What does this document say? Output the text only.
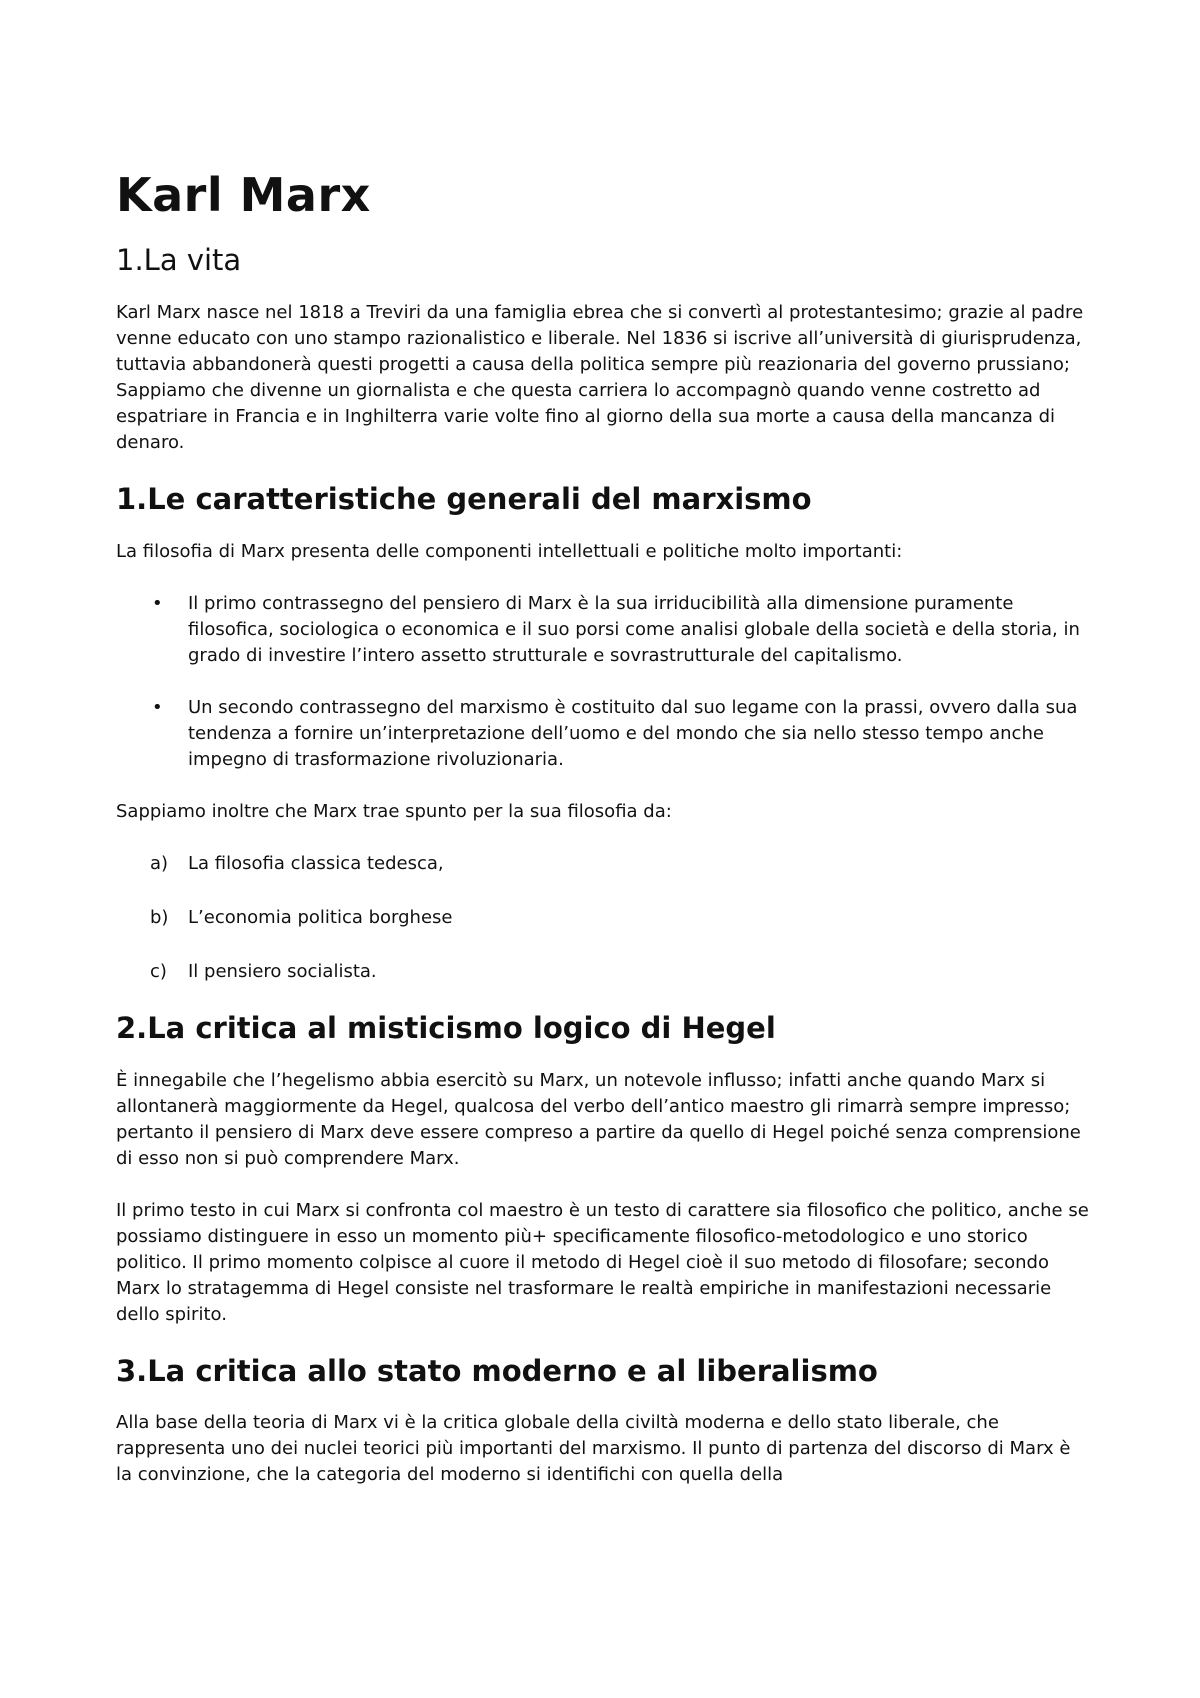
Karl Marx
1.La vita

Karl Marx nasce nel 1818 a Treviri da una famiglia ebrea che si convertì al protestantesimo; grazie al padre venne educato con uno stampo razionalistico e liberale. Nel 1836 si iscrive all’università di giurisprudenza, tuttavia abbandonerà questi progetti a causa della politica sempre più reazionaria del governo prussiano; Sappiamo che divenne un giornalista e che questa carriera lo accompagnò quando venne costretto ad espatriare in Francia e in Inghilterra varie volte fino al giorno della sua morte a causa della mancanza di denaro.

1.Le caratteristiche generali del marxismo

La filosofia di Marx presenta delle componenti intellettuali e politiche molto importanti:

• Il primo contrassegno del pensiero di Marx è la sua irriducibilità alla dimensione puramente filosofica, sociologica o economica e il suo porsi come analisi globale della società e della storia, in grado di investire l’intero assetto strutturale e sovrastrutturale del capitalismo.
• Un secondo contrassegno del marxismo è costituito dal suo legame con la prassi, ovvero dalla sua tendenza a fornire un’interpretazione dell’uomo e del mondo che sia nello stesso tempo anche impegno di trasformazione rivoluzionaria.

Sappiamo inoltre che Marx trae spunto per la sua filosofia da:

a) La filosofia classica tedesca,
b) L’economia politica borghese
c) Il pensiero socialista.
2.La critica al misticismo logico di Hegel

È innegabile che l’hegelismo abbia esercitò su Marx, un notevole influsso; infatti anche quando Marx si allontanerà maggiormente da Hegel, qualcosa del verbo dell’antico maestro gli rimarrà sempre impresso; pertanto il pensiero di Marx deve essere compreso a partire da quello di Hegel poiché senza comprensione di esso non si può comprendere Marx.

Il primo testo in cui Marx si confronta col maestro è un testo di carattere sia filosofico che politico, anche se possiamo distinguere in esso un momento più+ specificamente filosofico-metodologico e uno storico politico. Il primo momento colpisce al cuore il metodo di Hegel cioè il suo metodo di filosofare; secondo Marx lo stratagemma di Hegel consiste nel trasformare le realtà empiriche in manifestazioni necessarie dello spirito.

3.La critica allo stato moderno e al liberalismo

Alla base della teoria di Marx vi è la critica globale della civiltà moderna e dello stato liberale, che rappresenta uno dei nuclei teorici più importanti del marxismo. Il punto di partenza del discorso di Marx è la convinzione, che la categoria del moderno si identifichi con quella della
